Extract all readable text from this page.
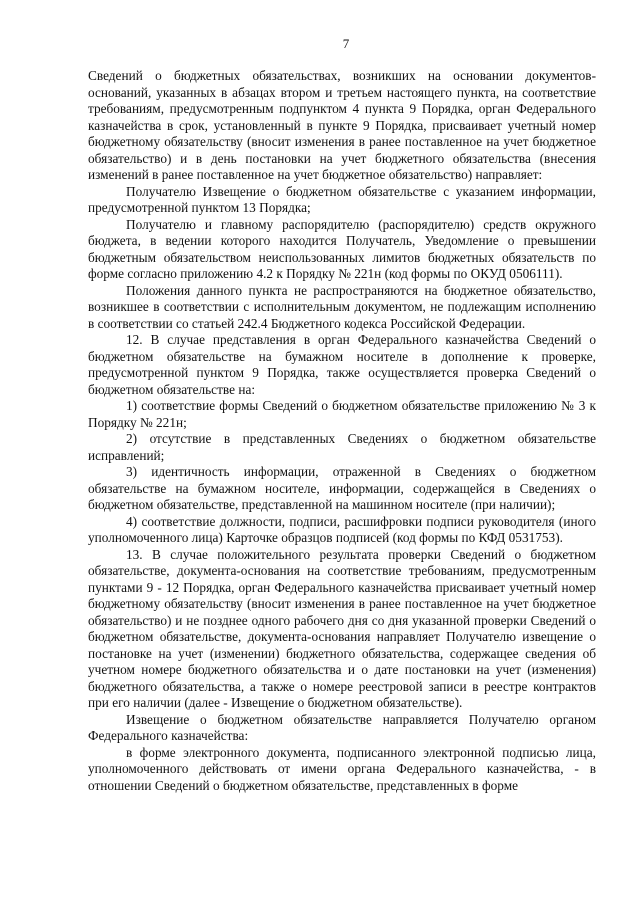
7

Сведений о бюджетных обязательствах, возникших на основании документов-оснований, указанных в абзацах втором и третьем настоящего пункта, на соответствие требованиям, предусмотренным подпунктом 4 пункта 9 Порядка, орган Федерального казначейства в срок, установленный в пункте 9 Порядка, присваивает учетный номер бюджетному обязательству (вносит изменения в ранее поставленное на учет бюджетное обязательство) и в день постановки на учет бюджетного обязательства (внесения изменений в ранее поставленное на учет бюджетное обязательство) направляет:

Получателю Извещение о бюджетном обязательстве с указанием информации, предусмотренной пунктом 13 Порядка;

Получателю и главному распорядителю (распорядителю) средств окружного бюджета, в ведении которого находится Получатель, Уведомление о превышении бюджетным обязательством неиспользованных лимитов бюджетных обязательств по форме согласно приложению 4.2 к Порядку № 221н (код формы по ОКУД 0506111).

Положения данного пункта не распространяются на бюджетное обязательство, возникшее в соответствии с исполнительным документом, не подлежащим исполнению в соответствии со статьей 242.4 Бюджетного кодекса Российской Федерации.

12. В случае представления в орган Федерального казначейства Сведений о бюджетном обязательстве на бумажном носителе в дополнение к проверке, предусмотренной пунктом 9 Порядка, также осуществляется проверка Сведений о бюджетном обязательстве на:

1) соответствие формы Сведений о бюджетном обязательстве приложению № 3 к Порядку № 221н;

2) отсутствие в представленных Сведениях о бюджетном обязательстве исправлений;

3) идентичность информации, отраженной в Сведениях о бюджетном обязательстве на бумажном носителе, информации, содержащейся в Сведениях о бюджетном обязательстве, представленной на машинном носителе (при наличии);

4) соответствие должности, подписи, расшифровки подписи руководителя (иного уполномоченного лица) Карточке образцов подписей (код формы по КФД 0531753).

13. В случае положительного результата проверки Сведений о бюджетном обязательстве, документа-основания на соответствие требованиям, предусмотренным пунктами 9 - 12 Порядка, орган Федерального казначейства присваивает учетный номер бюджетному обязательству (вносит изменения в ранее поставленное на учет бюджетное обязательство) и не позднее одного рабочего дня со дня указанной проверки Сведений о бюджетном обязательстве, документа-основания направляет Получателю извещение о постановке на учет (изменении) бюджетного обязательства, содержащее сведения об учетном номере бюджетного обязательства и о дате постановки на учет (изменения) бюджетного обязательства, а также о номере реестровой записи в реестре контрактов при его наличии (далее - Извещение о бюджетном обязательстве).

Извещение о бюджетном обязательстве направляется Получателю органом Федерального казначейства:

в форме электронного документа, подписанного электронной подписью лица, уполномоченного действовать от имени органа Федерального казначейства, - в отношении Сведений о бюджетном обязательстве, представленных в форме
